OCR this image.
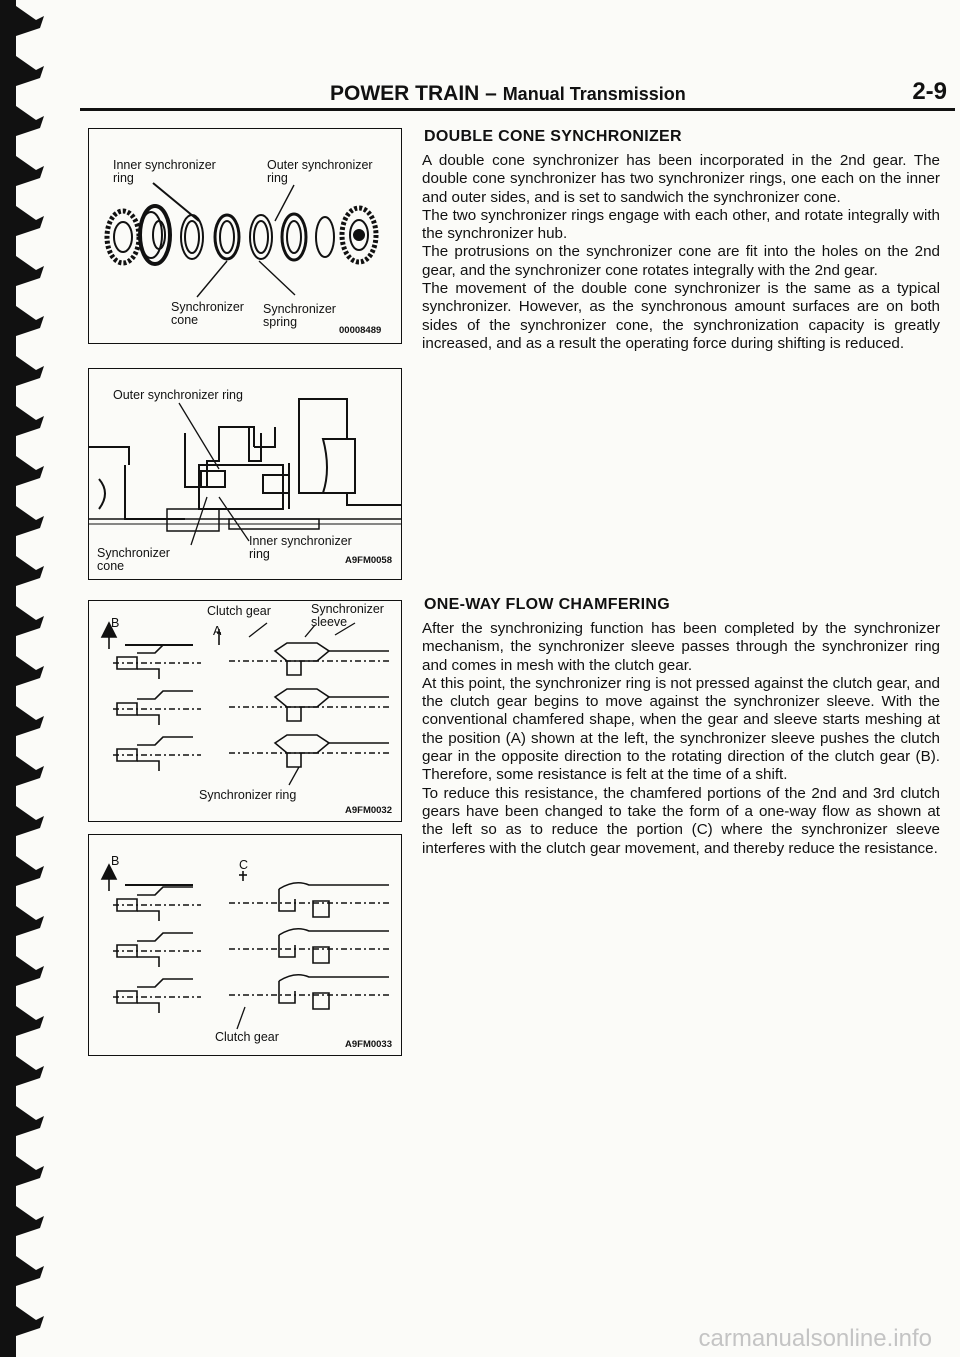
POWER TRAIN – Manual Transmission	2-9
Inner synchronizer
ring
Outer synchronizer
ring
Synchronizer
cone
Synchronizer
spring
00008489
Outer synchronizer ring
Inner synchronizer
ring
Synchronizer
cone	A9FM0058
B
A
Clutch gear	Synchronizer
sleeve
Synchronizer ring
A9FM0032
B	C
Clutch gear
A9FM0033
DOUBLE CONE SYNCHRONIZER

A double cone synchronizer has been incorporated in the 2nd gear. The double cone synchronizer has two synchronizer rings, one each on the inner and outer sides, and is set to sandwich the synchronizer cone.
The two synchronizer rings engage with each other, and rotate integrally with the synchronizer hub.
The protrusions on the synchronizer cone are fit into the holes on the 2nd gear, and the synchronizer cone rotates integrally with the 2nd gear.
The movement of the double cone synchronizer is the same as a typical synchronizer. However, as the synchronous amount surfaces are on both sides of the synchronizer cone, the synchronization capacity is greatly increased, and as a result the operating force during shifting is reduced.

ONE-WAY FLOW CHAMFERING

After the synchronizing function has been completed by the synchronizer mechanism, the synchronizer sleeve passes through the synchronizer ring and comes in mesh with the clutch gear.
At this point, the synchronizer ring is not pressed against the clutch gear, and the clutch gear begins to move against the synchronizer sleeve. With the conventional chamfered shape, when the gear and sleeve starts meshing at the position (A) shown at the left, the synchronizer sleeve pushes the clutch gear in the opposite direction to the rotating direction of the clutch gear (B). Therefore, some resistance is felt at the time of a shift.
To reduce this resistance, the chamfered portions of the 2nd and 3rd clutch gears have been changed to take the form of a one-way flow as shown at the left so as to reduce the portion (C) where the synchronizer sleeve interferes with the clutch gear movement, and thereby reduce the resistance.

carmanualsonline.info
